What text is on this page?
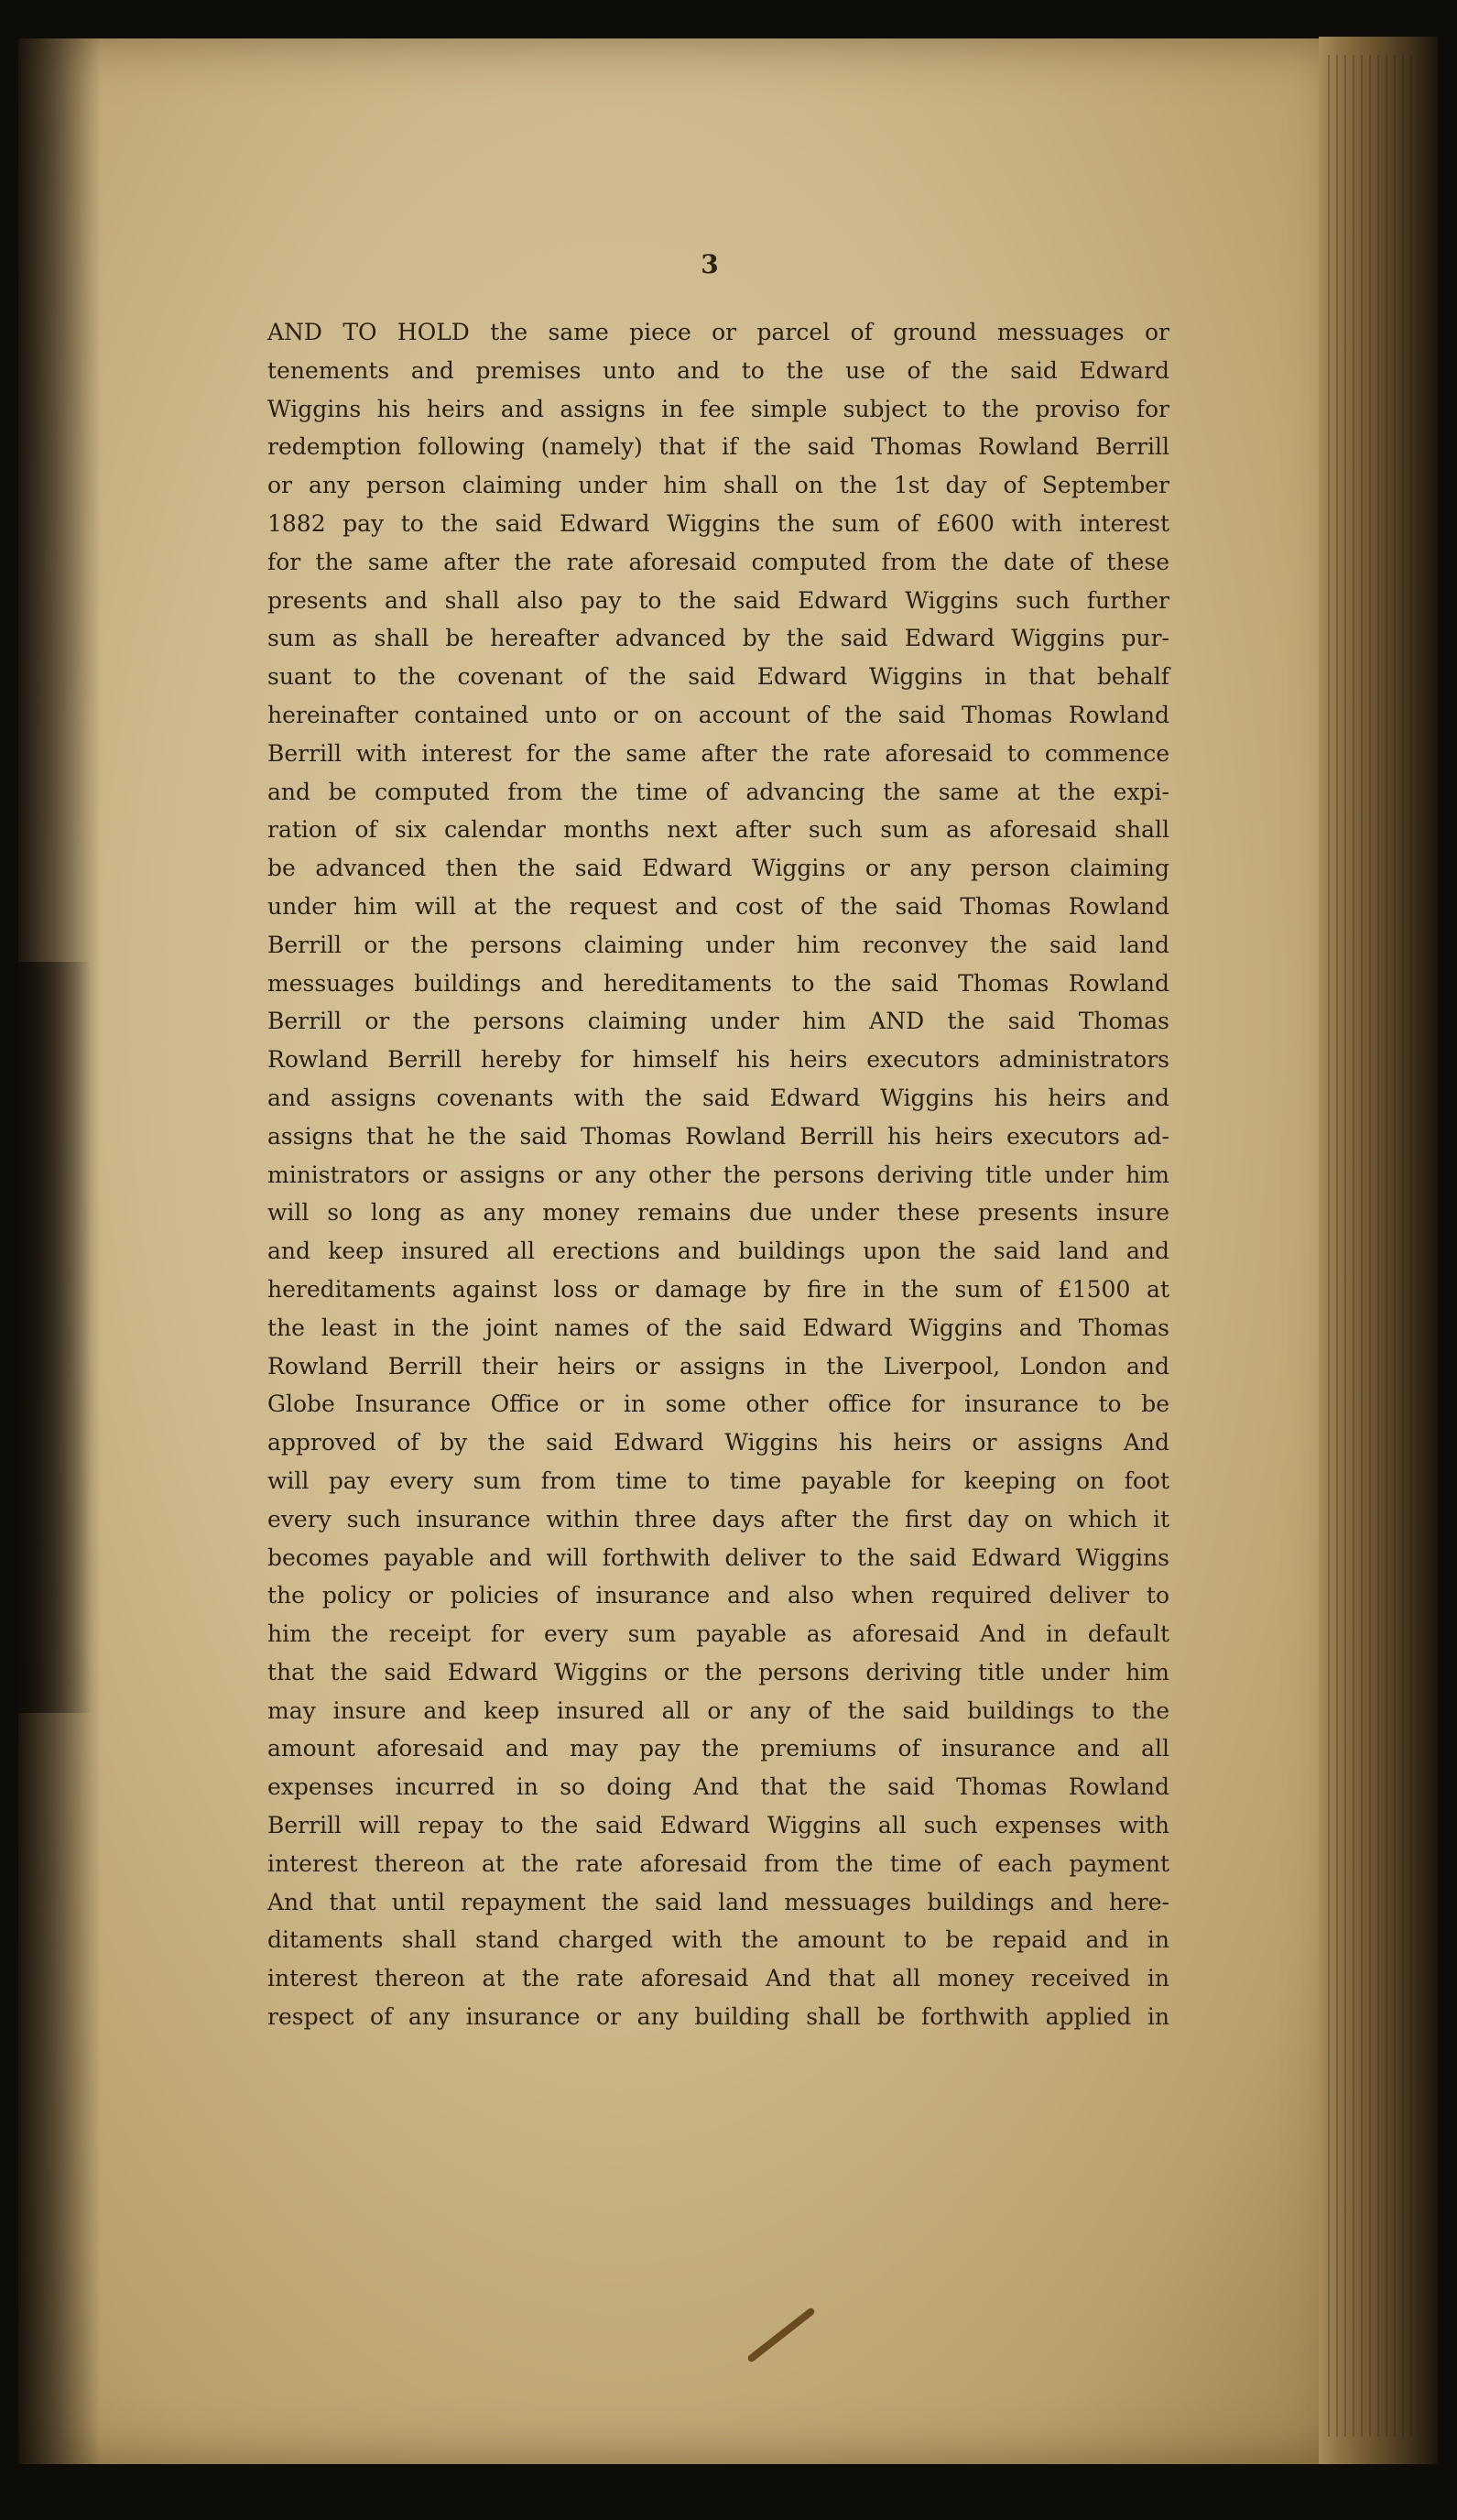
3
AND TO HOLD the same piece or parcel of ground messuages or
tenements and premises unto and to the use of the said Edward
Wiggins his heirs and assigns in fee simple subject to the proviso for
redemption following (namely) that if the said Thomas Rowland Berrill
or any person claiming under him shall on the 1st day of September
1882 pay to the said Edward Wiggins the sum of £600 with interest
for the same after the rate aforesaid computed from the date of these
presents and shall also pay to the said Edward Wiggins such further
sum as shall be hereafter advanced by the said Edward Wiggins pur-
suant to the covenant of the said Edward Wiggins in that behalf
hereinafter contained unto or on account of the said Thomas Rowland
Berrill with interest for the same after the rate aforesaid to commence
and be computed from the time of advancing the same at the expi-
ration of six calendar months next after such sum as aforesaid shall
be advanced then the said Edward Wiggins or any person claiming
under him will at the request and cost of the said Thomas Rowland
Berrill or the persons claiming under him reconvey the said land
messuages buildings and hereditaments to the said Thomas Rowland
Berrill or the persons claiming under him AND the said Thomas
Rowland Berrill hereby for himself his heirs executors administrators
and assigns covenants with the said Edward Wiggins his heirs and
assigns that he the said Thomas Rowland Berrill his heirs executors ad-
ministrators or assigns or any other the persons deriving title under him
will so long as any money remains due under these presents insure
and keep insured all erections and buildings upon the said land and
hereditaments against loss or damage by fire in the sum of £1500 at
the least in the joint names of the said Edward Wiggins and Thomas
Rowland Berrill their heirs or assigns in the Liverpool, London and
Globe Insurance Office or in some other office for insurance to be
approved of by the said Edward Wiggins his heirs or assigns And
will pay every sum from time to time payable for keeping on foot
every such insurance within three days after the first day on which it
becomes payable and will forthwith deliver to the said Edward Wiggins
the policy or policies of insurance and also when required deliver to
him the receipt for every sum payable as aforesaid And in default
that the said Edward Wiggins or the persons deriving title under him
may insure and keep insured all or any of the said buildings to the
amount aforesaid and may pay the premiums of insurance and all
expenses incurred in so doing And that the said Thomas Rowland
Berrill will repay to the said Edward Wiggins all such expenses with
interest thereon at the rate aforesaid from the time of each payment
And that until repayment the said land messuages buildings and here-
ditaments shall stand charged with the amount to be repaid and in
interest thereon at the rate aforesaid And that all money received in
respect of any insurance or any building shall be forthwith applied in
